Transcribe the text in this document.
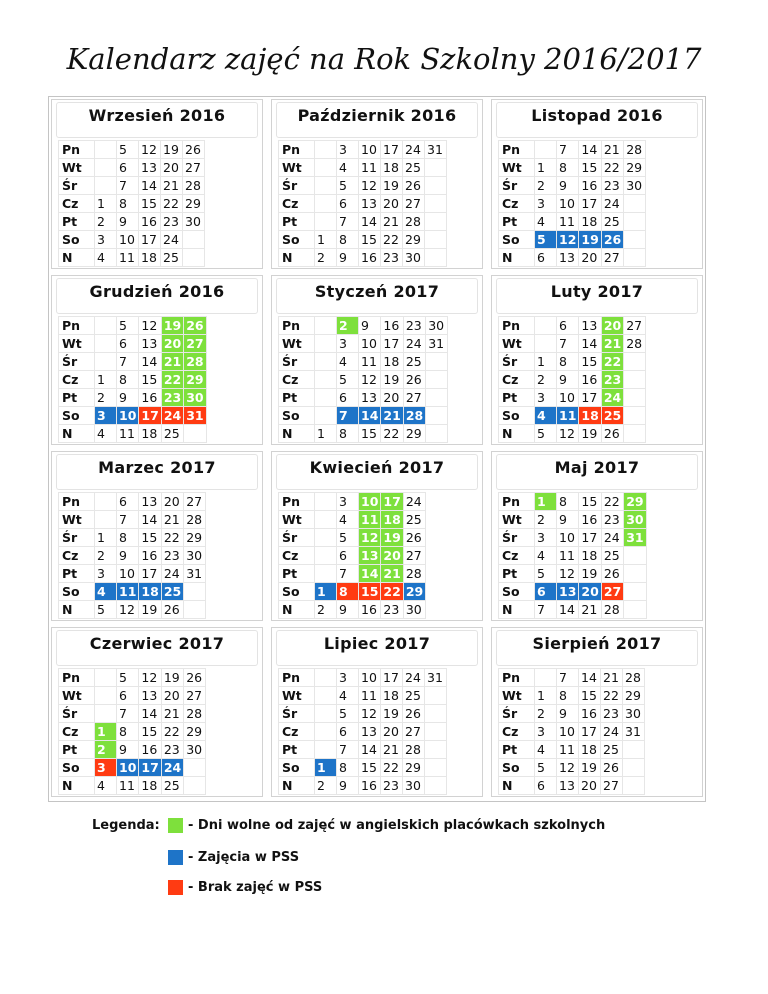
Kalendarz zajęć na Rok Szkolny 2016/2017
Wrzesień 2016
Pn		5	12	19	26
Wt		6	13	20	27
Śr		7	14	21	28
Cz	1	8	15	22	29
Pt	2	9	16	23	30
So	3	10	17	24	
N	4	11	18	25	
Październik 2016
Pn		3	10	17	24	31
Wt		4	11	18	25	
Śr		5	12	19	26	
Cz		6	13	20	27	
Pt		7	14	21	28	
So	1	8	15	22	29	
N	2	9	16	23	30	
Listopad 2016
Pn		7	14	21	28
Wt	1	8	15	22	29
Śr	2	9	16	23	30
Cz	3	10	17	24	
Pt	4	11	18	25	
So	5	12	19	26	
N	6	13	20	27	
Grudzień 2016
Pn		5	12	19	26
Wt		6	13	20	27
Śr		7	14	21	28
Cz	1	8	15	22	29
Pt	2	9	16	23	30
So	3	10	17	24	31
N	4	11	18	25	
Styczeń 2017
Pn		2	9	16	23	30
Wt		3	10	17	24	31
Śr		4	11	18	25	
Cz		5	12	19	26	
Pt		6	13	20	27	
So		7	14	21	28	
N	1	8	15	22	29	
Luty 2017
Pn		6	13	20	27
Wt		7	14	21	28
Śr	1	8	15	22	
Cz	2	9	16	23	
Pt	3	10	17	24	
So	4	11	18	25	
N	5	12	19	26	
Marzec 2017
Pn		6	13	20	27
Wt		7	14	21	28
Śr	1	8	15	22	29
Cz	2	9	16	23	30
Pt	3	10	17	24	31
So	4	11	18	25	
N	5	12	19	26	
Kwiecień 2017
Pn		3	10	17	24
Wt		4	11	18	25
Śr		5	12	19	26
Cz		6	13	20	27
Pt		7	14	21	28
So	1	8	15	22	29
N	2	9	16	23	30
Maj 2017
Pn	1	8	15	22	29
Wt	2	9	16	23	30
Śr	3	10	17	24	31
Cz	4	11	18	25	
Pt	5	12	19	26	
So	6	13	20	27	
N	7	14	21	28	
Czerwiec 2017
Pn		5	12	19	26
Wt		6	13	20	27
Śr		7	14	21	28
Cz	1	8	15	22	29
Pt	2	9	16	23	30
So	3	10	17	24	
N	4	11	18	25	
Lipiec 2017
Pn		3	10	17	24	31
Wt		4	11	18	25	
Śr		5	12	19	26	
Cz		6	13	20	27	
Pt		7	14	21	28	
So	1	8	15	22	29	
N	2	9	16	23	30	
Sierpień 2017
Pn		7	14	21	28
Wt	1	8	15	22	29
Śr	2	9	16	23	30
Cz	3	10	17	24	31
Pt	4	11	18	25	
So	5	12	19	26	
N	6	13	20	27	
Legenda: - Dni wolne od zajęć w angielskich placówkach szkolnych
- Zajęcia w PSS
- Brak zajęć w PSS
